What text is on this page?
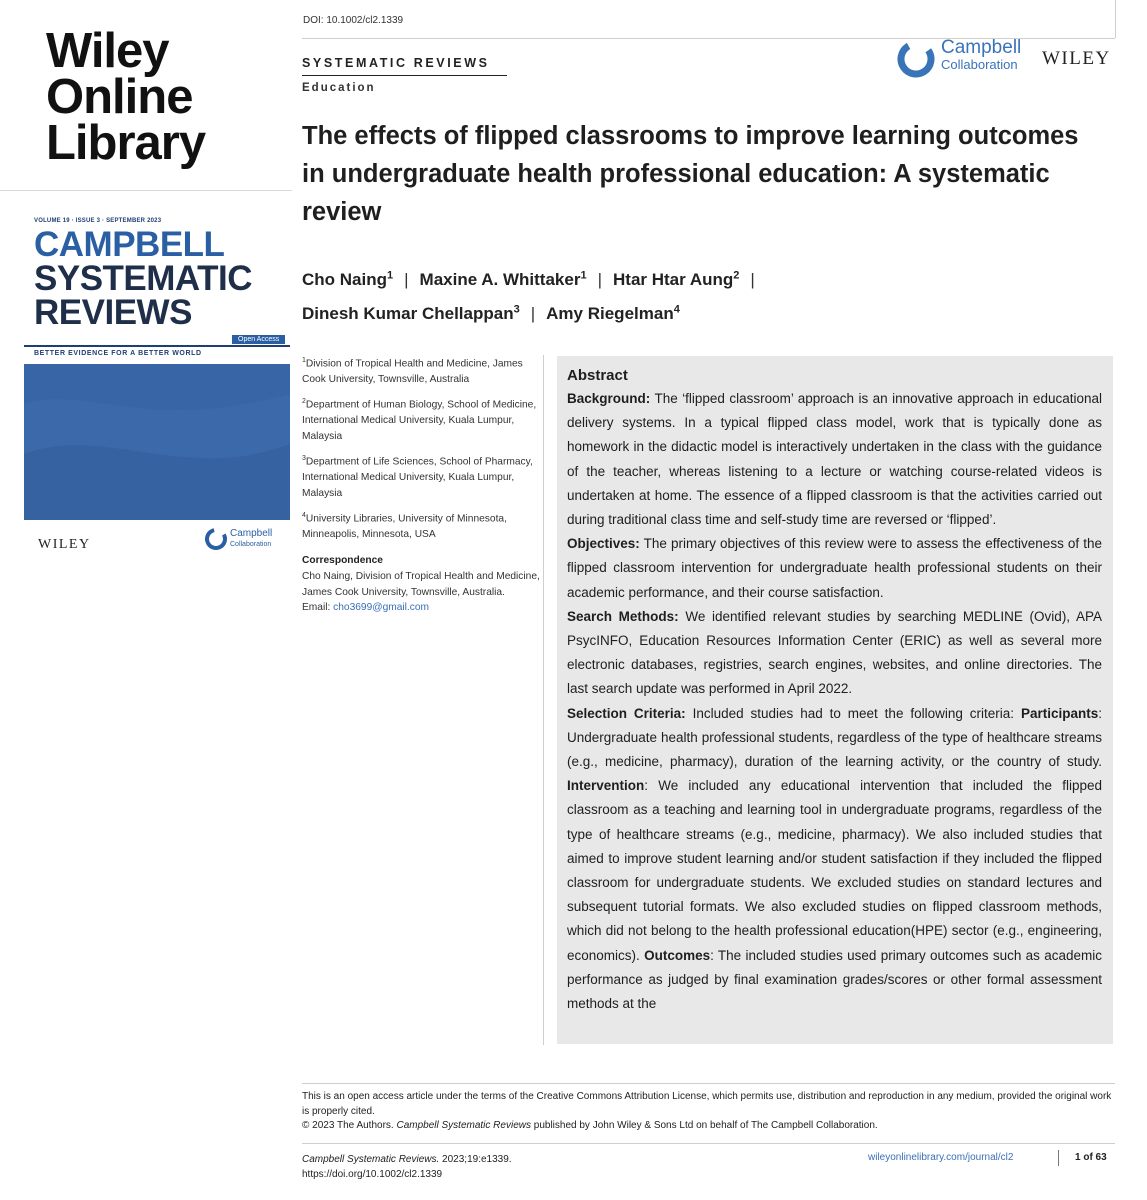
Wiley
Online
Library
VOLUME 19 · ISSUE 3 · SEPTEMBER 2023
CAMPBELL
SYSTEMATIC
REVIEWS
Open Access
BETTER EVIDENCE FOR A BETTER WORLD
WILEY
Campbell
Collaboration
DOI: 10.1002/cl2.1339
SYSTEMATIC REVIEWS
Education
Campbell
Collaboration WILEY
The effects of flipped classrooms to improve learning outcomes in undergraduate health professional education: A systematic review
Cho Naing$^1$ | Maxine A. Whittaker$^1$ | Htar Htar Aung$^2$ |
Dinesh Kumar Chellappan$^3$ | Amy Riegelman$^4$

$^1$Division of Tropical Health and Medicine, James Cook University, Townsville, Australia

$^2$Department of Human Biology, School of Medicine, International Medical University, Kuala Lumpur, Malaysia

$^3$Department of Life Sciences, School of Pharmacy, International Medical University, Kuala Lumpur, Malaysia

$^4$University Libraries, University of Minnesota, Minneapolis, Minnesota, USA

Correspondence

Cho Naing, Division of Tropical Health and Medicine, James Cook University, Townsville, Australia.
Email: cho3699@gmail.com

Abstract

Background: The ‘flipped classroom’ approach is an innovative approach in educational delivery systems. In a typical flipped class model, work that is typically done as homework in the didactic model is interactively undertaken in the class with the guidance of the teacher, whereas listening to a lecture or watching course-related videos is undertaken at home. The essence of a flipped classroom is that the activities carried out during traditional class time and self-study time are reversed or ‘flipped’.

Objectives: The primary objectives of this review were to assess the effectiveness of the flipped classroom intervention for undergraduate health professional students on their academic performance, and their course satisfaction.

Search Methods: We identified relevant studies by searching MEDLINE (Ovid), APA PsycINFO, Education Resources Information Center (ERIC) as well as several more electronic databases, registries, search engines, websites, and online directories. The last search update was performed in April 2022.

Selection Criteria: Included studies had to meet the following criteria: Participants: Undergraduate health professional students, regardless of the type of healthcare streams (e.g., medicine, pharmacy), duration of the learning activity, or the country of study. Intervention: We included any educational intervention that included the flipped classroom as a teaching and learning tool in undergraduate programs, regardless of the type of healthcare streams (e.g., medicine, pharmacy). We also included studies that aimed to improve student learning and/or student satisfaction if they included the flipped classroom for undergraduate students. We excluded studies on standard lectures and subsequent tutorial formats. We also excluded studies on flipped classroom methods, which did not belong to the health professional education(HPE) sector (e.g., engineering, economics). Outcomes: The included studies used primary outcomes such as academic performance as judged by final examination grades/scores or other formal assessment methods at the

This is an open access article under the terms of the Creative Commons Attribution License, which permits use, distribution and reproduction in any medium, provided the original work is properly cited.

© 2023 The Authors. Campbell Systematic Reviews published by John Wiley & Sons Ltd on behalf of The Campbell Collaboration.
Campbell Systematic Reviews. 2023;19:e1339.
https://doi.org/10.1002/cl2.1339
wileyonlinelibrary.com/journal/cl2	1 of 63
